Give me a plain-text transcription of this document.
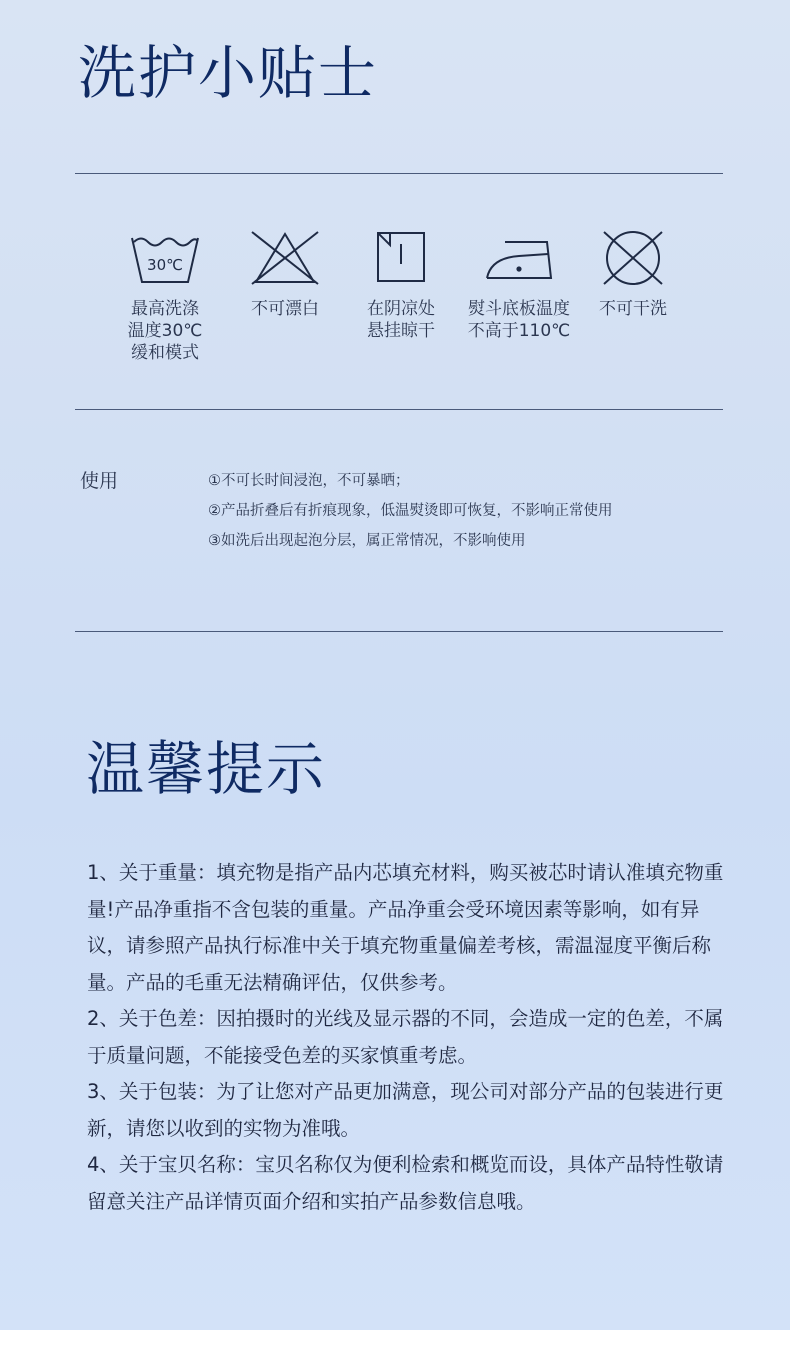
洗护小贴士
30℃
最高洗涤
温度30℃
缓和模式
不可漂白	在阴凉处
悬挂晾干
熨斗底板温度
不高于110℃
不可干洗
使用	①不可长时间浸泡，不可暴晒；
②产品折叠后有折痕现象，低温熨烫即可恢复，不影响正常使用
③如洗后出现起泡分层，属正常情况，不影响使用
温馨提示
1、关于重量：填充物是指产品内芯填充材料，购买被芯时请认准填充物重量!产品净重指不含包装的重量。产品净重会受环境因素等影响，如有异议，请参照产品执行标准中关于填充物重量偏差考核，需温湿度平衡后称量。产品的毛重无法精确评估，仅供参考。
2、关于色差：因拍摄时的光线及显示器的不同，会造成一定的色差，不属于质量问题，不能接受色差的买家慎重考虑。
3、关于包装：为了让您对产品更加满意，现公司对部分产品的包装进行更新，请您以收到的实物为准哦。
4、关于宝贝名称：宝贝名称仅为便利检索和概览而设，具体产品特性敬请留意关注产品详情页面介绍和实拍产品参数信息哦。
